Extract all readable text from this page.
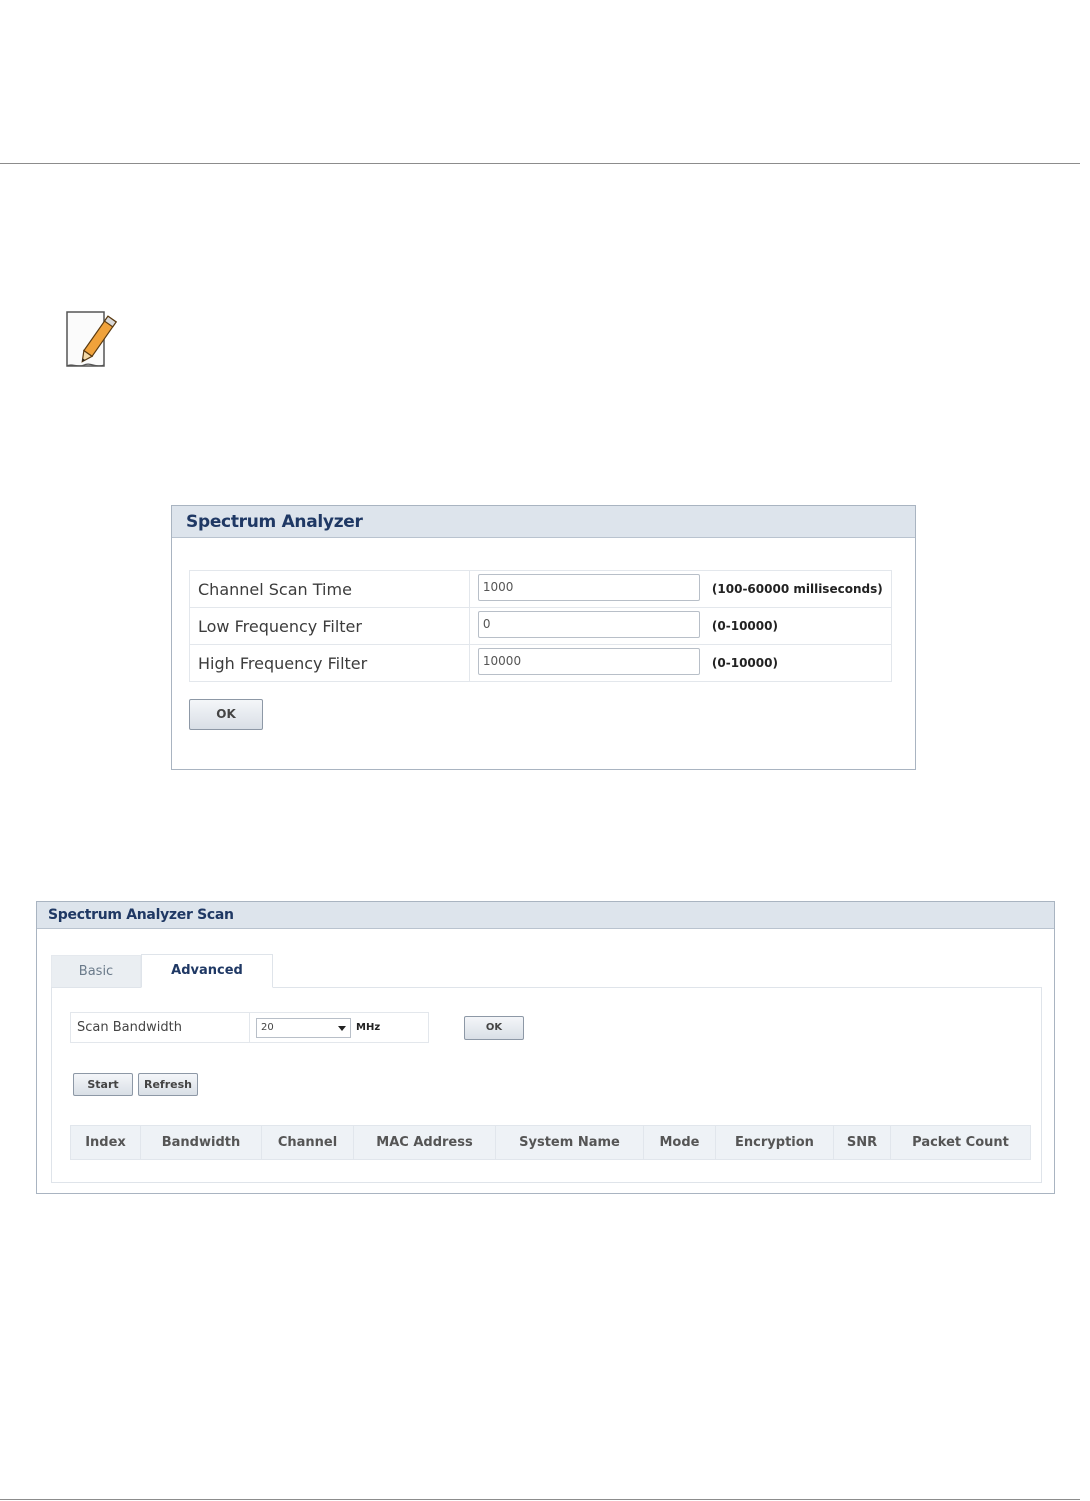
Spectrum Analyzer
Channel Scan Time	1000 (100-60000 milliseconds)

Low Frequency Filter	0 (0-10000)

High Frequency Filter	10000 (0-10000)
OK
Spectrum Analyzer Scan
Basic	Advanced
Scan Bandwidth	20	MHz	OK
Start	Refresh
Index	Bandwidth	Channel	MAC Address	System Name	Mode	Encryption	SNR	Packet Count
